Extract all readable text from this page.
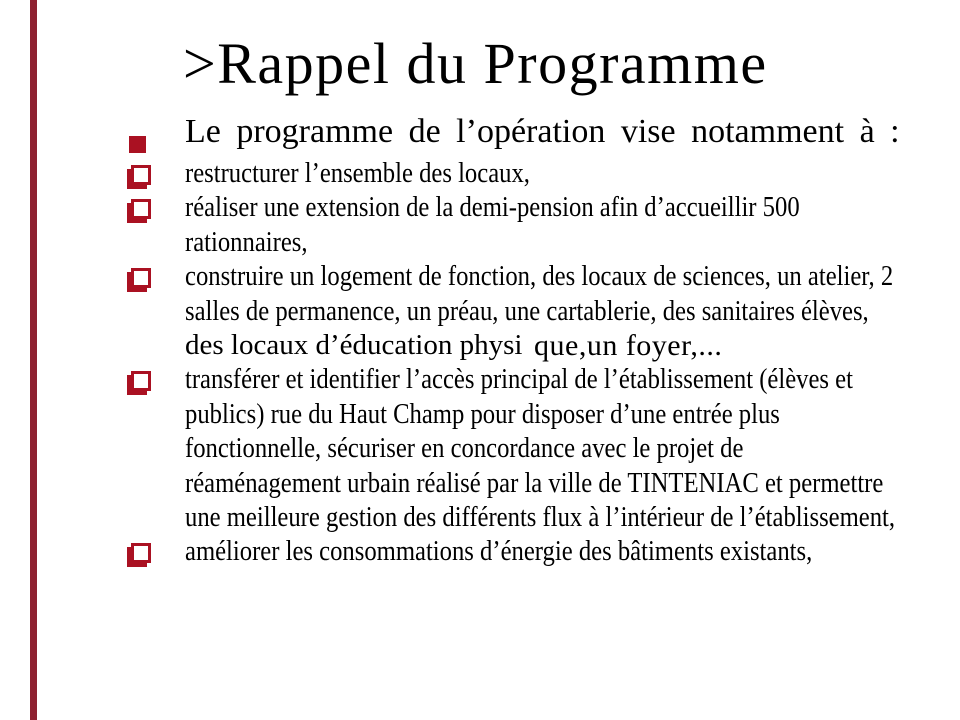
>Rappel du Programme
Le programme de l’opération vise notamment à :
restructurer l’ensemble des locaux,
réaliser une extension de la demi-pension afin d’accueillir 500
rationnaires,
construire un logement de fonction, des locaux de sciences, un atelier, 2
salles de permanence, un préau, une cartablerie, des sanitaires élèves,
des locaux d’éducation physi que,un foyer,...
transférer et identifier l’accès principal de l’établissement (élèves et
publics) rue du Haut Champ pour disposer d’une entrée plus
fonctionnelle, sécuriser en concordance avec le projet de
réaménagement urbain réalisé par la ville de TINTENIAC et permettre
une meilleure gestion des différents flux à l’intérieur de l’établissement,
améliorer les consommations d’énergie des bâtiments existants,
